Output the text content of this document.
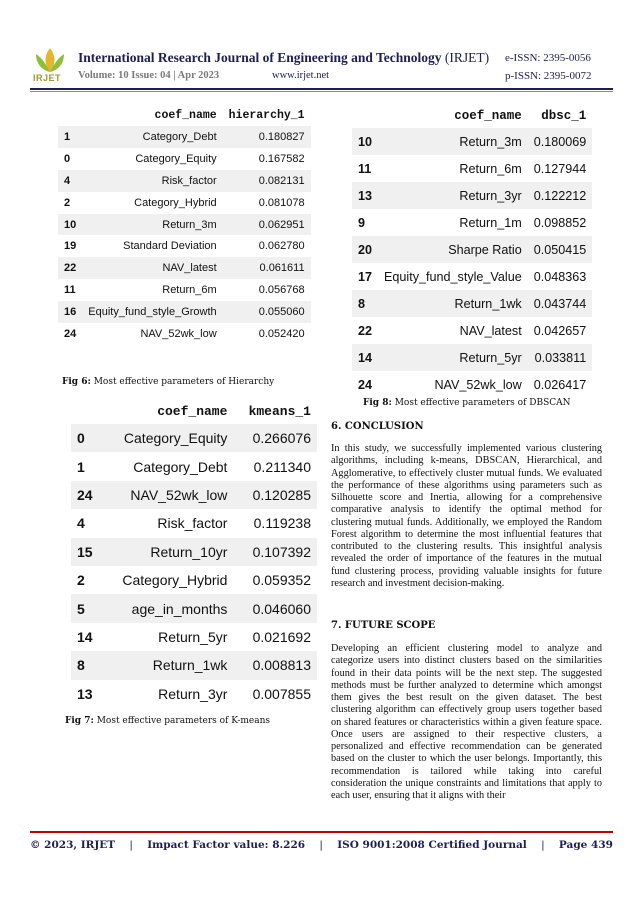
IRJET
International Research Journal of Engineering and Technology (IRJET) e-ISSN: 2395-0056
Volume: 10 Issue: 04 | Apr 2023	www.irjet.net	p-ISSN: 2395-0072
	coef_name	hierarchy_1
1	Category_Debt	0.180827
0	Category_Equity	0.167582
4	Risk_factor	0.082131
2	Category_Hybrid	0.081078
10	Return_3m	0.062951
19	Standard Deviation	0.062780
22	NAV_latest	0.061611
11	Return_6m	0.056768
16	Equity_fund_style_Growth	0.055060
24	NAV_52wk_low	0.052420
Fig 6: Most effective parameters of Hierarchy
	coef_name	kmeans_1
0	Category_Equity	0.266076
1	Category_Debt	0.211340
24	NAV_52wk_low	0.120285
4	Risk_factor	0.119238
15	Return_10yr	0.107392
2	Category_Hybrid	0.059352
5	age_in_months	0.046060
14	Return_5yr	0.021692
8	Return_1wk	0.008813
13	Return_3yr	0.007855
Fig 7: Most effective parameters of K-means
	coef_name	dbsc_1
10	Return_3m	0.180069
11	Return_6m	0.127944
13	Return_3yr	0.122212
9	Return_1m	0.098852
20	Sharpe Ratio	0.050415
17	Equity_fund_style_Value	0.048363
8	Return_1wk	0.043744
22	NAV_latest	0.042657
14	Return_5yr	0.033811
24	NAV_52wk_low	0.026417
Fig 8: Most effective parameters of DBSCAN
6. CONCLUSION
In this study, we successfully implemented various clustering algorithms, including k-means, DBSCAN, Hierarchical, and Agglomerative, to effectively cluster mutual funds. We evaluated the performance of these algorithms using parameters such as Silhouette score and Inertia, allowing for a comprehensive comparative analysis to identify the optimal method for clustering mutual funds. Additionally, we employed the Random Forest algorithm to determine the most influential features that contributed to the clustering results. This insightful analysis revealed the order of importance of the features in the mutual fund clustering process, providing valuable insights for future research and investment decision-making.
7. FUTURE SCOPE
Developing an efficient clustering model to analyze and categorize users into distinct clusters based on the similarities found in their data points will be the next step. The suggested methods must be further analyzed to determine which amongst them gives the best result on the given dataset. The best clustering algorithm can effectively group users together based on shared features or characteristics within a given feature space. Once users are assigned to their respective clusters, a personalized and effective recommendation can be generated based on the cluster to which the user belongs. Importantly, this recommendation is tailored while taking into careful consideration the unique constraints and limitations that apply to each user, ensuring that it aligns with their
© 2023, IRJET | Impact Factor value: 8.226 | ISO 9001:2008 Certified Journal | Page 439
